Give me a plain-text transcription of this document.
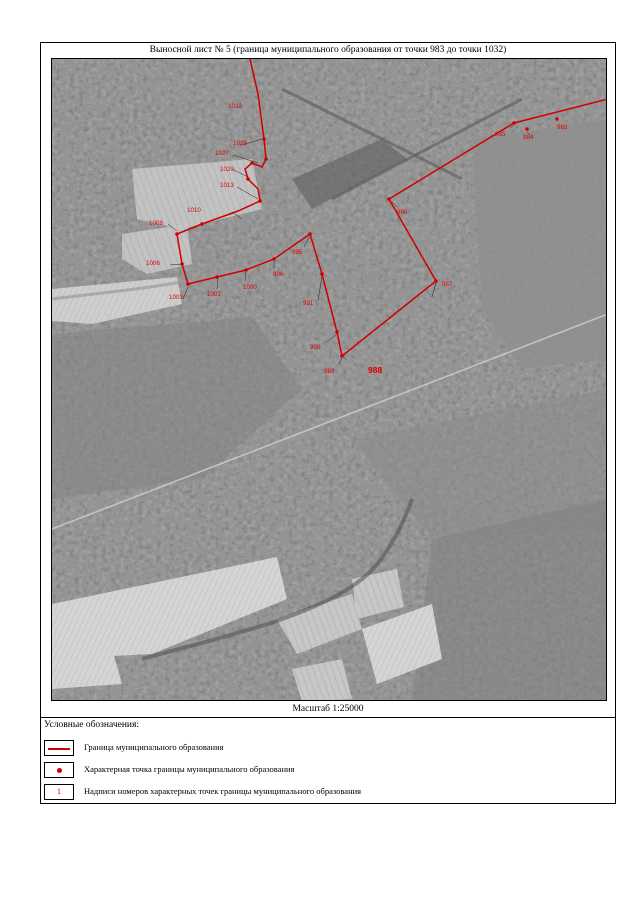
Выносной лист № 5 (граница муниципального образования от точки 983 до точки 1032)
1032
1028
1027
1020
1013
1010
1008
1006
1003	1002
1000
996
995
991
990
989	988
987
986
985	984
983
Масштаб 1:25000
Условные обозначения:
Граница муниципального образования
Характерная точка границы муниципального образования
1	Надписи номеров характерных точек границы муниципального образования
